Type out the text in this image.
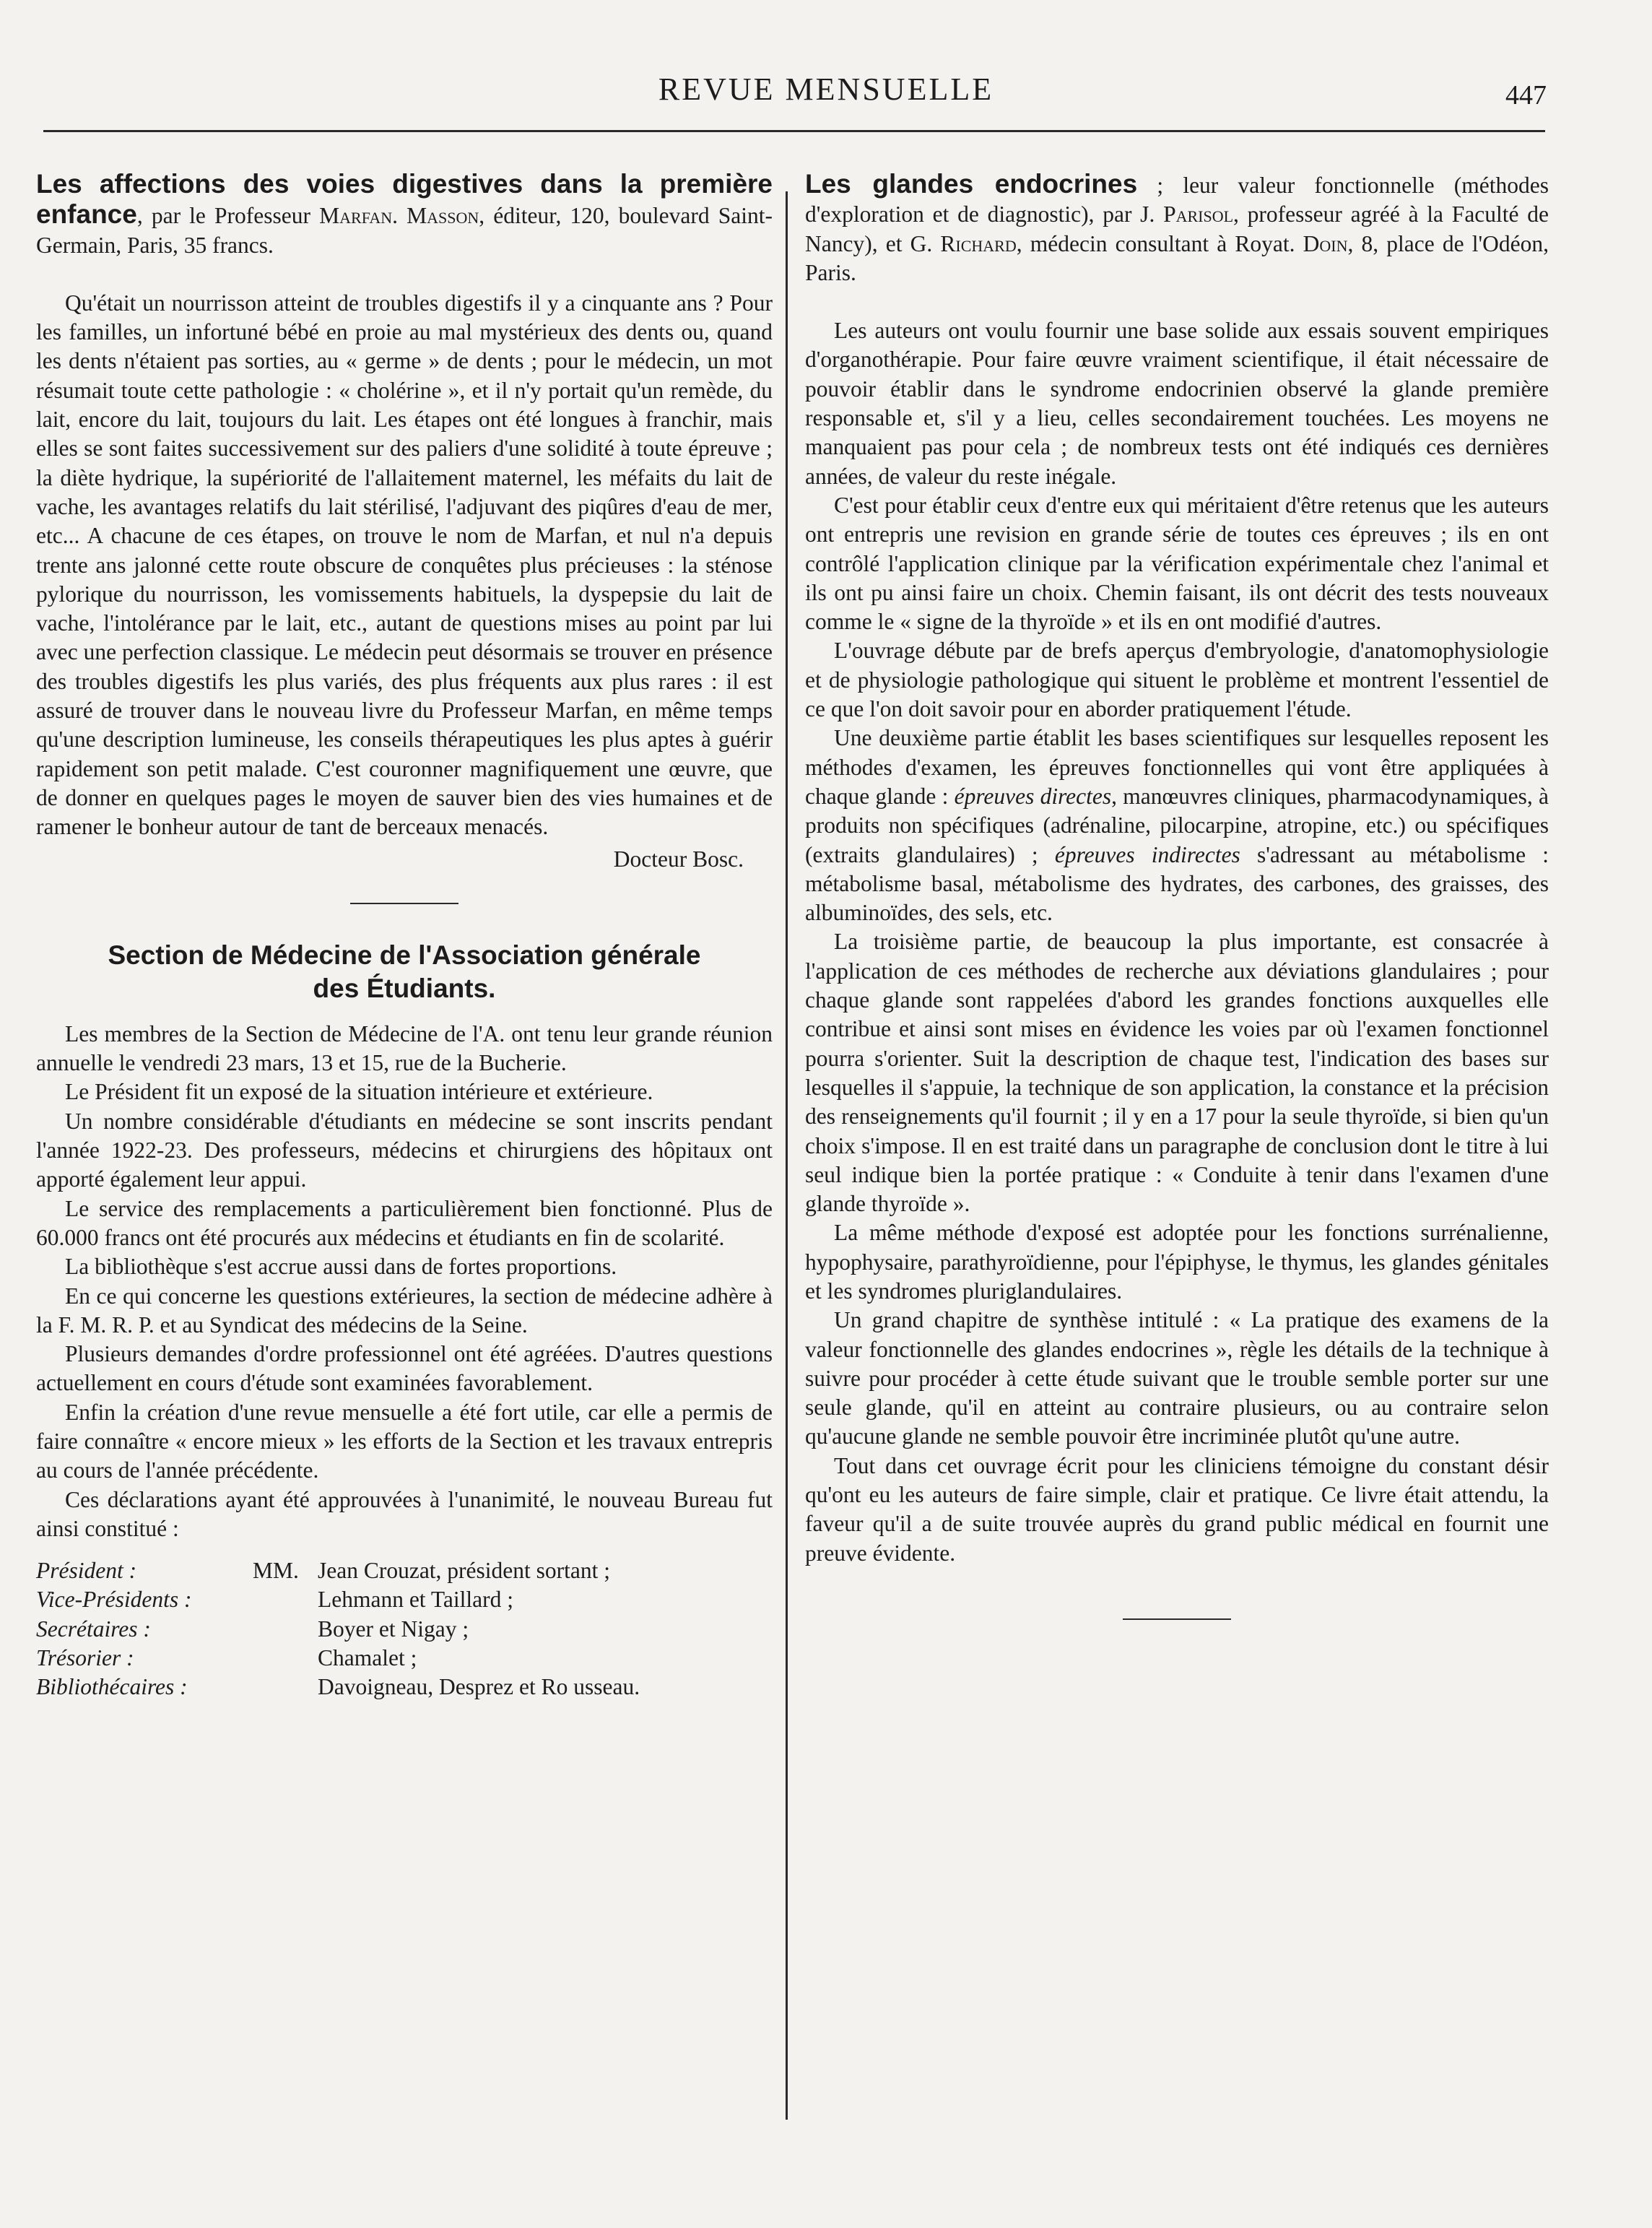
REVUE MENSUELLE	447
Les affections des voies digestives dans la première enfance, par le Professeur Marfan. Masson, éditeur, 120, boulevard Saint-Germain, Paris, 35 francs.

Qu'était un nourrisson atteint de troubles digestifs il y a cinquante ans ? Pour les familles, un infortuné bébé en proie au mal mystérieux des dents ou, quand les dents n'étaient pas sorties, au « germe » de dents ; pour le médecin, un mot résumait toute cette pathologie : « cholérine », et il n'y portait qu'un remède, du lait, encore du lait, toujours du lait. Les étapes ont été longues à franchir, mais elles se sont faites successivement sur des paliers d'une solidité à toute épreuve ; la diète hydrique, la supériorité de l'allaitement maternel, les méfaits du lait de vache, les avantages relatifs du lait stérilisé, l'adjuvant des piqûres d'eau de mer, etc... A chacune de ces étapes, on trouve le nom de Marfan, et nul n'a depuis trente ans jalonné cette route obscure de conquêtes plus précieuses : la sténose pylorique du nourrisson, les vomissements habituels, la dyspepsie du lait de vache, l'intolérance par le lait, etc., autant de questions mises au point par lui avec une perfection classique. Le médecin peut désormais se trouver en présence des troubles digestifs les plus variés, des plus fréquents aux plus rares : il est assuré de trouver dans le nouveau livre du Professeur Marfan, en même temps qu'une description lumineuse, les conseils thérapeutiques les plus aptes à guérir rapidement son petit malade. C'est couronner magnifiquement une œuvre, que de donner en quelques pages le moyen de sauver bien des vies humaines et de ramener le bonheur autour de tant de berceaux menacés.

Docteur Bosc.
Section de Médecine de l'Association générale
des Étudiants.

Les membres de la Section de Médecine de l'A. ont tenu leur grande réunion annuelle le vendredi 23 mars, 13 et 15, rue de la Bucherie.

Le Président fit un exposé de la situation intérieure et extérieure.

Un nombre considérable d'étudiants en médecine se sont inscrits pendant l'année 1922-23. Des professeurs, médecins et chirurgiens des hôpitaux ont apporté également leur appui.

Le service des remplacements a particulièrement bien fonctionné. Plus de 60.000 francs ont été procurés aux médecins et étudiants en fin de scolarité.

La bibliothèque s'est accrue aussi dans de fortes proportions.

En ce qui concerne les questions extérieures, la section de médecine adhère à la F. M. R. P. et au Syndicat des médecins de la Seine.

Plusieurs demandes d'ordre professionnel ont été agréées. D'autres questions actuellement en cours d'étude sont examinées favorablement.

Enfin la création d'une revue mensuelle a été fort utile, car elle a permis de faire connaître « encore mieux » les efforts de la Section et les travaux entrepris au cours de l'année précédente.

Ces déclarations ayant été approuvées à l'unanimité, le nouveau Bureau fut ainsi constitué :

Président :	MM. Jean Crouzat, président sortant ;
Vice-Présidents :	Lehmann et Taillard ;
Secrétaires :	Boyer et Nigay ;
Trésorier :	Chamalet ;
Bibliothécaires :	Davoigneau, Desprez et Ro usseau.
Les glandes endocrines ; leur valeur fonctionnelle (méthodes d'exploration et de diagnostic), par J. Parisol, professeur agréé à la Faculté de Nancy), et G. Richard, médecin consultant à Royat. Doin, 8, place de l'Odéon, Paris.

Les auteurs ont voulu fournir une base solide aux essais souvent empiriques d'organothérapie. Pour faire œuvre vraiment scientifique, il était nécessaire de pouvoir établir dans le syndrome endocrinien observé la glande première responsable et, s'il y a lieu, celles secondairement touchées. Les moyens ne manquaient pas pour cela ; de nombreux tests ont été indiqués ces dernières années, de valeur du reste inégale.

C'est pour établir ceux d'entre eux qui méritaient d'être retenus que les auteurs ont entrepris une revision en grande série de toutes ces épreuves ; ils en ont contrôlé l'application clinique par la vérification expérimentale chez l'animal et ils ont pu ainsi faire un choix. Chemin faisant, ils ont décrit des tests nouveaux comme le « signe de la thyroïde » et ils en ont modifié d'autres.

L'ouvrage débute par de brefs aperçus d'embryologie, d'anatomophysiologie et de physiologie pathologique qui situent le problème et montrent l'essentiel de ce que l'on doit savoir pour en aborder pratiquement l'étude.

Une deuxième partie établit les bases scientifiques sur lesquelles reposent les méthodes d'examen, les épreuves fonctionnelles qui vont être appliquées à chaque glande : épreuves directes, manœuvres cliniques, pharmacodynamiques, à produits non spécifiques (adrénaline, pilocarpine, atropine, etc.) ou spécifiques (extraits glandulaires) ; épreuves indirectes s'adressant au métabolisme : métabolisme basal, métabolisme des hydrates, des carbones, des graisses, des albuminoïdes, des sels, etc.

La troisième partie, de beaucoup la plus importante, est consacrée à l'application de ces méthodes de recherche aux déviations glandulaires ; pour chaque glande sont rappelées d'abord les grandes fonctions auxquelles elle contribue et ainsi sont mises en évidence les voies par où l'examen fonctionnel pourra s'orienter. Suit la description de chaque test, l'indication des bases sur lesquelles il s'appuie, la technique de son application, la constance et la précision des renseignements qu'il fournit ; il y en a 17 pour la seule thyroïde, si bien qu'un choix s'impose. Il en est traité dans un paragraphe de conclusion dont le titre à lui seul indique bien la portée pratique : « Conduite à tenir dans l'examen d'une glande thyroïde ».

La même méthode d'exposé est adoptée pour les fonctions surrénalienne, hypophysaire, parathyroïdienne, pour l'épiphyse, le thymus, les glandes génitales et les syndromes pluriglandulaires.

Un grand chapitre de synthèse intitulé : « La pratique des examens de la valeur fonctionnelle des glandes endocrines », règle les détails de la technique à suivre pour procéder à cette étude suivant que le trouble semble porter sur une seule glande, qu'il en atteint au contraire plusieurs, ou au contraire selon qu'aucune glande ne semble pouvoir être incriminée plutôt qu'une autre.

Tout dans cet ouvrage écrit pour les cliniciens témoigne du constant désir qu'ont eu les auteurs de faire simple, clair et pratique. Ce livre était attendu, la faveur qu'il a de suite trouvée auprès du grand public médical en fournit une preuve évidente.
